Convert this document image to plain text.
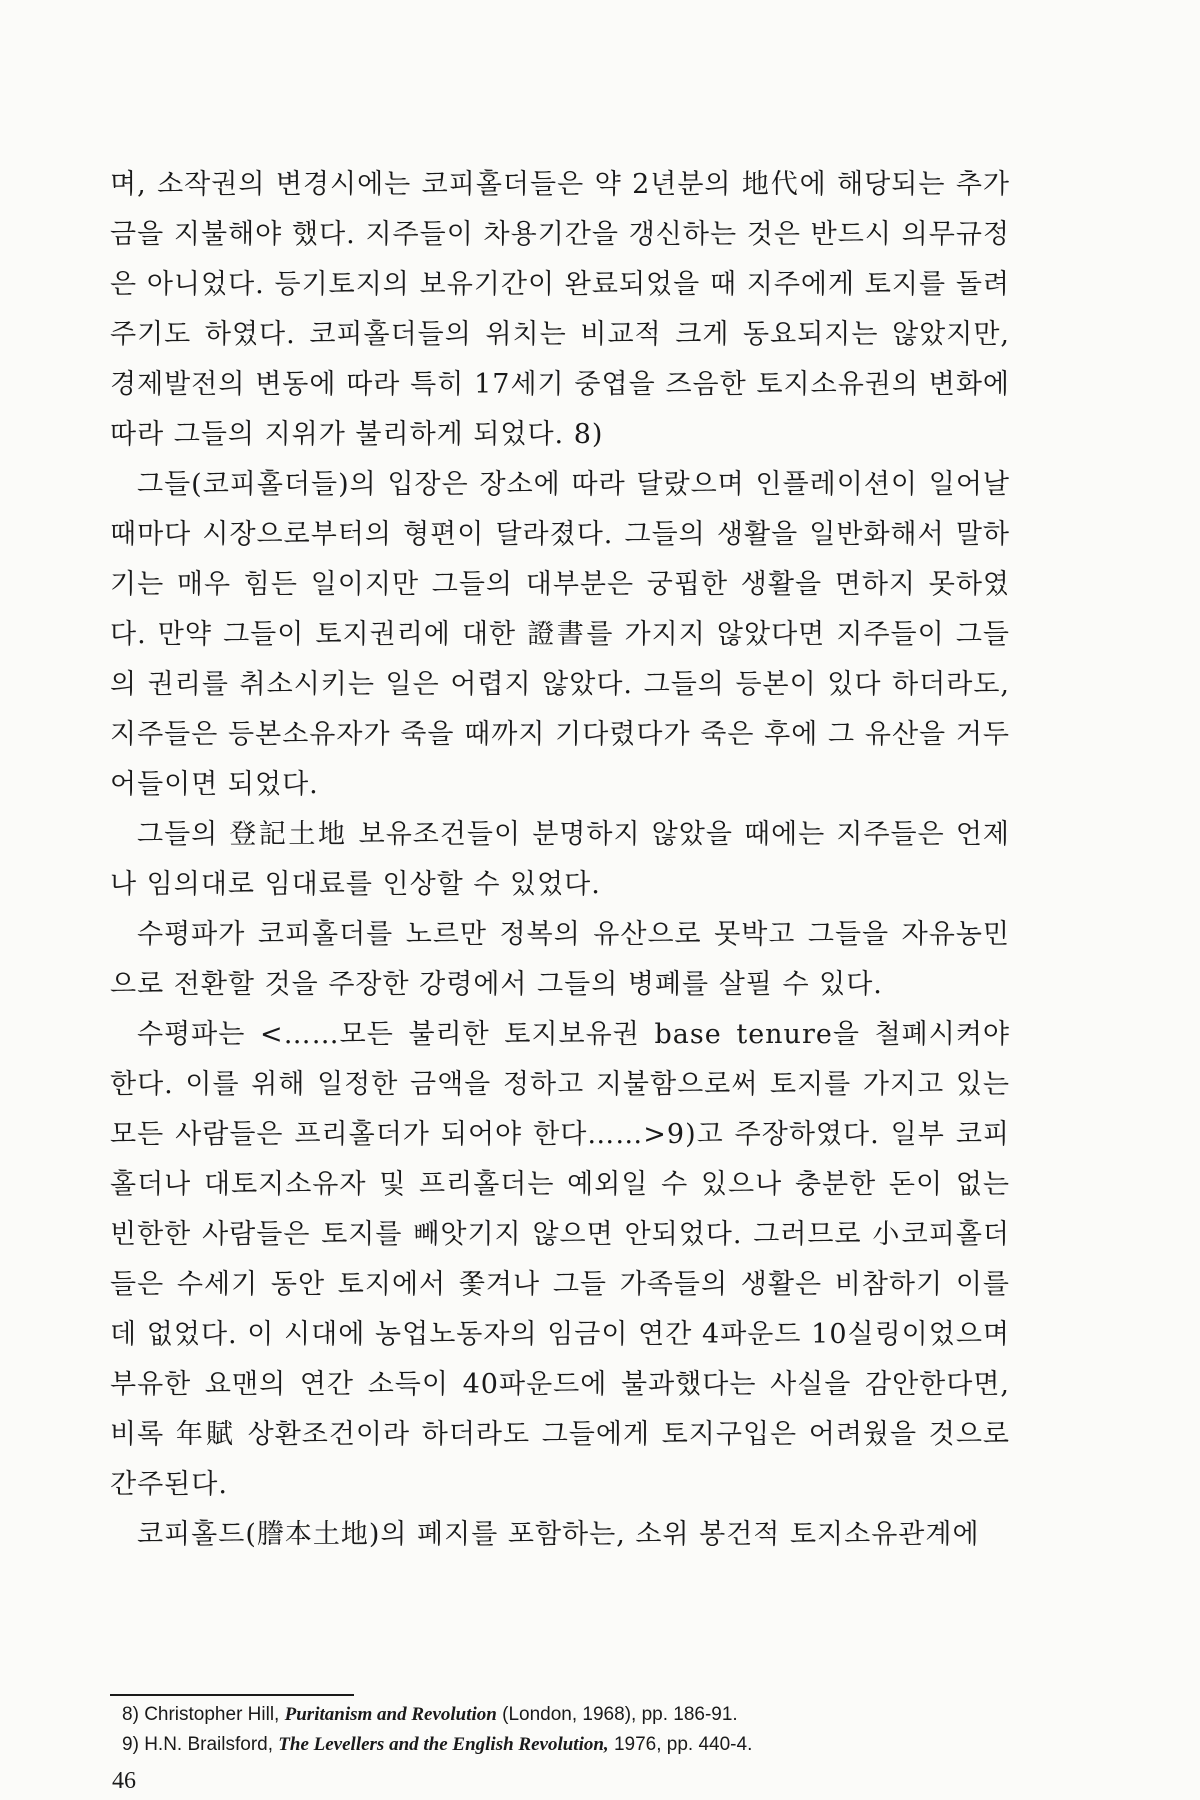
며, 소작권의 변경시에는 코피홀더들은 약 2년분의 地代에 해당되는 추가금을 지불해야 했다. 지주들이 차용기간을 갱신하는 것은 반드시 의무규정은 아니었다. 등기토지의 보유기간이 완료되었을 때 지주에게 토지를 돌려 주기도 하였다. 코피홀더들의 위치는 비교적 크게 동요되지는 않았지만, 경제발전의 변동에 따라 특히 17세기 중엽을 즈음한 토지소유권의 변화에 따라 그들의 지위가 불리하게 되었다. 8)

그들(코피홀더들)의 입장은 장소에 따라 달랐으며 인플레이션이 일어날 때마다 시장으로부터의 형편이 달라졌다. 그들의 생활을 일반화해서 말하기는 매우 힘든 일이지만 그들의 대부분은 궁핍한 생활을 면하지 못하였다. 만약 그들이 토지권리에 대한 證書를 가지지 않았다면 지주들이 그들의 권리를 취소시키는 일은 어렵지 않았다. 그들의 등본이 있다 하더라도, 지주들은 등본소유자가 죽을 때까지 기다렸다가 죽은 후에 그 유산을 거두어들이면 되었다.

그들의 登記土地 보유조건들이 분명하지 않았을 때에는 지주들은 언제나 임의대로 임대료를 인상할 수 있었다.

수평파가 코피홀더를 노르만 정복의 유산으로 못박고 그들을 자유농민으로 전환할 것을 주장한 강령에서 그들의 병폐를 살필 수 있다.

수평파는 <……모든 불리한 토지보유권 base tenure을 철폐시켜야 한다. 이를 위해 일정한 금액을 정하고 지불함으로써 토지를 가지고 있는 모든 사람들은 프리홀더가 되어야 한다……>9)고 주장하였다. 일부 코피홀더나 대토지소유자 및 프리홀더는 예외일 수 있으나 충분한 돈이 없는 빈한한 사람들은 토지를 빼앗기지 않으면 안되었다. 그러므로 小코피홀더들은 수세기 동안 토지에서 쫓겨나 그들 가족들의 생활은 비참하기 이를 데 없었다. 이 시대에 농업노동자의 임금이 연간 4파운드 10실링이었으며 부유한 요맨의 연간 소득이 40파운드에 불과했다는 사실을 감안한다면, 비록 年賦 상환조건이라 하더라도 그들에게 토지구입은 어려웠을 것으로 간주된다.

코피홀드(謄本土地)의 폐지를 포함하는, 소위 봉건적 토지소유관계에

8) Christopher Hill, Puritanism and Revolution (London, 1968), pp. 186-91.
9) H.N. Brailsford, The Levellers and the English Revolution, 1976, pp. 440-4.
46
